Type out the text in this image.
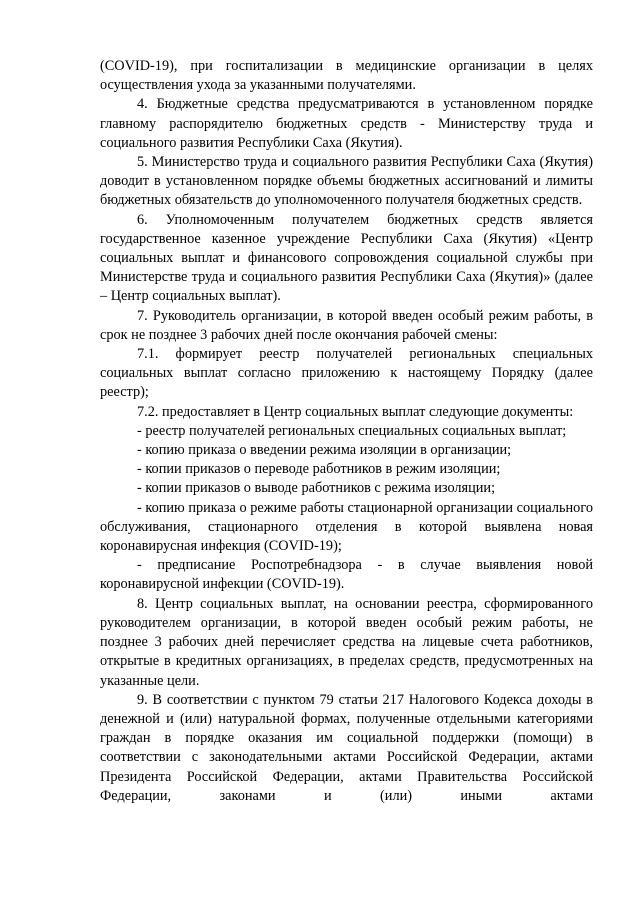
(COVID-19), при госпитализации в медицинские организации в целях осуществления ухода за указанными получателями.

4. Бюджетные средства предусматриваются в установленном порядке главному распорядителю бюджетных средств - Министерству труда и социального развития Республики Саха (Якутия).

5. Министерство труда и социального развития Республики Саха (Якутия) доводит в установленном порядке объемы бюджетных ассигнований и лимиты бюджетных обязательств до уполномоченного получателя бюджетных средств.

6. Уполномоченным получателем бюджетных средств является государственное казенное учреждение Республики Саха (Якутия) «Центр социальных выплат и финансового сопровождения социальной службы при Министерстве труда и социального развития Республики Саха (Якутия)» (далее – Центр социальных выплат).

7. Руководитель организации, в которой введен особый режим работы, в срок не позднее 3 рабочих дней после окончания рабочей смены:

7.1. формирует реестр получателей региональных специальных социальных выплат согласно приложению к настоящему Порядку (далее реестр);

7.2. предоставляет в Центр социальных выплат следующие документы:

- реестр получателей региональных специальных социальных выплат;

- копию приказа о введении режима изоляции в организации;

- копии приказов о переводе работников в режим изоляции;

- копии приказов о выводе работников с режима изоляции;

- копию приказа о режиме работы стационарной организации социального обслуживания, стационарного отделения в которой выявлена новая коронавирусная инфекция (COVID-19);

- предписание Роспотребнадзора - в случае выявления новой коронавирусной инфекции (COVID-19).

8. Центр социальных выплат, на основании реестра, сформированного руководителем организации, в которой введен особый режим работы, не позднее 3 рабочих дней перечисляет средства на лицевые счета работников, открытые в кредитных организациях, в пределах средств, предусмотренных на указанные цели.

9. В соответствии с пунктом 79 статьи 217 Налогового Кодекса доходы в денежной и (или) натуральной формах, полученные отдельными категориями граждан в порядке оказания им социальной поддержки (помощи) в соответствии с законодательными актами Российской Федерации, актами Президента Российской Федерации, актами Правительства Российской Федерации, законами и (или) иными актами
